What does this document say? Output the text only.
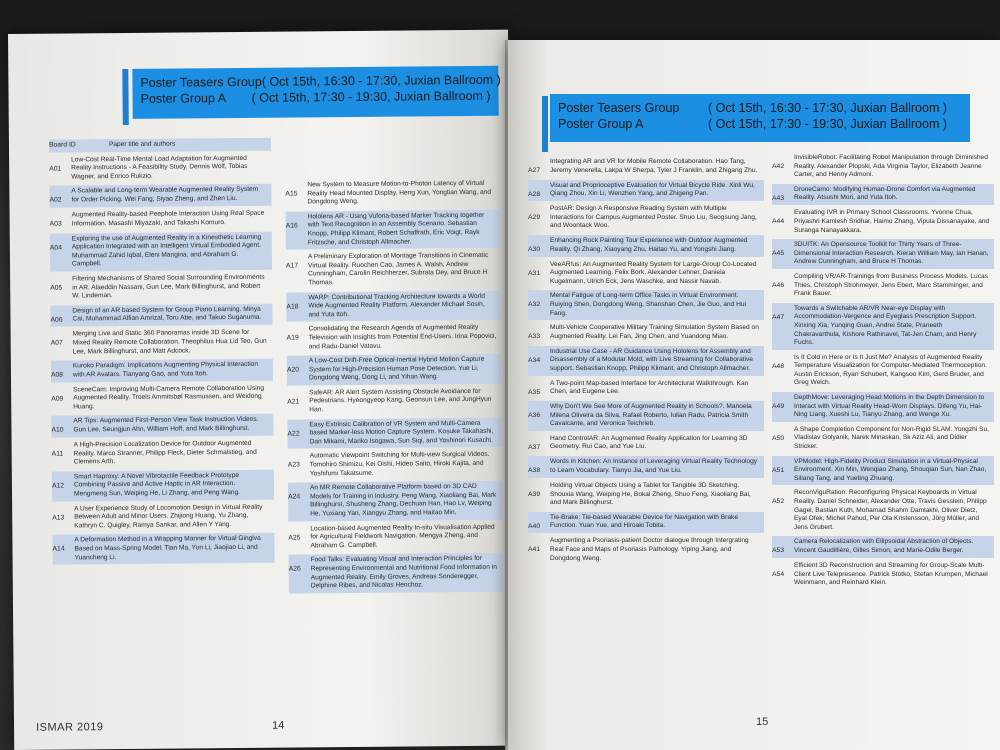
Poster Teasers Group ( Oct 15th, 16:30 - 17:30, Juxian Ballroom )
Poster Group A	( Oct 15th, 17:30 - 19:30, Juxian Ballroom )
Board ID	Paper title and authors
A01
Low-Cost Real-Time Mental Load Adaptation for Augmented Reality Instructions - A Feasibility Study. Dennis Wolf, Tobias Wagner, and Enrico Rukzio.
A02
A Scalable and Long-term Wearable Augmented Reality System for Order Picking. Wei Fang, Siyao Zheng, and Zhen Liu.
A03
Augmented Reality-based Peephole Interaction Using Real Space Information. Masashi Miyazaki, and Takashi Komuro.
A04
Exploring the use of Augmented Reality in a Kinesthetic Learning Application Integrated with an Intelligent Virtual Embodied Agent. Muhammad Zahid Iqbal, Eleni Mangina, and Abraham G. Campbell.
A05
Filtering Mechanisms of Shared Social Surrounding Environments in AR. Alaeddin Nassani, Gun Lee, Mark Billinghurst, and Robert W. Lindeman.
A06
Design of an AR based System for Group Piano Learning. Minya Cai, Muhammad Alfian Amrizal, Toru Abe, and Takuo Suganuma.
A07
Merging Live and Static 360 Panoramas inside 3D Scene for Mixed Reality Remote Collaboration. Theophilus Hua Lid Teo, Gun Lee, Mark Billinghurst, and Matt Adcock.
A08
Kuroko Paradigm: Implications Augmenting Physical Interaction with AR Avatars. Tianyang Gao, and Yuta Itoh.
A09
SceneCam: Improving Multi-Camera Remote Collaboration Using Augmented Reality. Troels Ammitsbøl Rasmussen, and Weidong Huang.
A10
AR Tips: Augmented First-Person View Task Instruction Videos. Gun Lee, Seungjun Ahn, William Hoff, and Mark Billinghurst.
A11
A High-Precision Localization Device for Outdoor Augmented Reality. Marco Stranner, Philipp Fleck, Dieter Schmalstieg, and Clemens Arth.
A12
Smart Haproxy: A Novel Vibrotactile Feedback Prototype Combining Passive and Active Haptic in AR Interaction. Mengmeng Sun, Weiping He, Li Zhang, and Peng Wang.
A13
A User Experience Study of Locomotion Design in Virtual Reality Between Adult and Minor Users. Zhijiong Huang, Yu Zhang, Kathryn C. Quigley, Ramya Sankar, and Allen Y Yang.
A14
A Deformation Method in a Wrapping Manner for Virtual Gingiva Based on Mass-Spring Model. Tian Ma, Yun Li, Jiaojiao Li, and Yuancheng Li.
A15
New System to Measure Motion-to-Photon Latency of Virtual Reality Head Mounted Display. Heng Xun, Yongtian Wang, and Dongdong Weng.
A16
Hololens AR - Using Vuforia-based Marker Tracking together with Text Recognition in an Assembly Scenario. Sebastian Knopp, Philipp Klimant, Robert Schaffrath, Eric Voigt, Rayk Fritzsche, and Christoph Allmacher.
A17
A Preliminary Exploration of Montage Transitions in Cinematic Virtual Reality. Ruochen Cao, James A. Walsh, Andrew Cunningham, Carolin Reichherzer, Subrata Dey, and Bruce H Thomas.
A18
WARP: Contributional Tracking Architecture towards a World Wide Augmented Reality Platform. Alexander Michael Sosin, and Yuta Itoh.
A19
Consolidating the Research Agenda of Augmented Reality Television with Insights from Potential End-Users. Irina Popovici, and Radu-Daniel Vatavu.
A20
A Low-Cost Drift-Free Optical-Inertial Hybrid Motion Capture System for High-Precision Human Pose Detection. Yue Li, Dongdong Weng, Dong Li, and Yihan Wang.
A21
SafeAR: AR Alert System Assisting Obstacle Avoidance for Pedestrians. Hyeongyeop Kang, Geonsun Lee, and JungHyun Han.
A22
Easy Extrinsic Calibration of VR System and Multi-Camera based Marker-less Motion Capture System. Kosuke Takahashi, Dan Mikami, Mariko Isogawa, Sun Siqi, and Yoshinori Kusachi.
A23
Automatic Viewpoint Switching for Multi-view Surgical Videos. Tomohiro Shimizu, Kei Oishi, Hideo Saito, Hiroki Kajita, and Yoshifumi Takatsume.
A24
An MR Remote Collaborative Platform based on 3D CAD Models for Training in Industry. Peng Wang, Xiaoliang Bai, Mark Billinghurst, Shusheng Zhang, Dechuan Han, Hao Lv, Weiping He, Yuxiang Yan, Xiangyu Zhang, and Haitao Min.
A25
Location-based Augmented Reality In-situ Visualisation Applied for Agricultural Fieldwork Navigation. Mengya Zheng, and Abraham G. Campbell.
A26
Food Talks: Evaluating Visual and Interaction Principles for Representing Environmental and Nutritional Food Information in Augmented Reality. Emily Groves, Andreas Sonderegger, Delphine Ribes, and Nicolas Henchoz.
ISMAR 2019	14
Poster Teasers Group	( Oct 15th, 16:30 - 17:30, Juxian Ballroom )
Poster Group A	( Oct 15th, 17:30 - 19:30, Juxian Ballroom )
A27
Integrating AR and VR for Mobile Remote Collaboration. Hao Tang, Jeremy Venerella, Lakpa W Sherpa, Tyler J Franklin, and Zhigang Zhu.
A28
Visual and Proprioceptive Evaluation for Virtual Bicycle Ride. Xinli Wu, Qiang Zhou, Xin Li, Wenzhen Yang, and Zhigeng Pan.
A29
PostAR: Design A Responsive Reading System with Multiple Interactions for Campus Augmented Poster. Shuo Liu, Seogsung Jang, and Woontack Woo.
A30
Enhancing Rock Painting Tour Experience with Outdoor Augmented Reality. Qi Zhang, Xiaoyang Zhu, Haitao Yu, and Yongshi Jiang.
A31
VeeAR!us: An Augmented Reality System for Large-Group Co-Located Augmented Learning. Felix Bork, Alexander Lehner, Daniela Kugelmann, Ulrich Eck, Jens Waschke, and Nassir Navab.
A32
Mental Fatigue of Long-term Office Tasks in Virtual Environment. Ruiying Shen, Dongdong Weng, Shanshan Chen, Jie Guo, and Hui Fang.
A33
Multi-Vehicle Cooperative Military Training Simulation System Based on Augmented Reality. Lei Fan, Jing Chen, and Yuandong Miao.
A34
Industrial Use Case - AR Guidance Using Hololens for Assembly and Disassembly of a Modular Mold, with Live Streaming for Collaborative support. Sebastian Knopp, Philipp Klimant, and Christoph Allmacher.
A35
A Two-point Map-based Interface for Architectural Walkthrough. Kan Chen, and Eugene Lee.
A36
Why Don't We See More of Augmented Reality in Schools?. Manoela Milena Oliveira da Silva, Rafael Roberto, Iulian Radu, Patricia Smith Cavalcante, and Veronica Teichrieb.
A37
Hand ControlAR: An Augmented Reality Application for Learning 3D Geometry. Rui Cao, and Yue Liu.
A38
Words in Kitchen: An Instance of Leveraging Virtual Reality Technology to Learn Vocabulary. Tianyu Jia, and Yue Liu.
A39
Holding Virtual Objects Using a Tablet for Tangible 3D Sketching. Shouxia Wang, Weiping He, Bokai Zheng, Shuo Feng, Xiaoliang Bai, and Mark Billinghurst.
A40
Tie-Brake: Tie-based Wearable Device for Navigation with Brake Function. Yuan Yue, and Hiroaki Tobita.
A41
Augmenting a Psoriasis-patient Doctor dialogue through Intergrating Real Face and Maps of Psoriasis Pathology. Yiping Jiang, and Dongdong Weng.
A42
InvisibleRobot: Facilitating Robot Manipulation through Diminished Reality. Alexander Plopski, Ada Virginia Taylor, Elizabeth Jeanne Carter, and Henny Admoni.
A43
DroneCamo: Modifying Human-Drone Comfort via Augmented Reality. Atsushi Mori, and Yuta Itoh.
A44
Evaluating IVR in Primary School Classrooms. Yvonne Chua, Priyashri Kamlesh Sridhar, Haimo Zhang, Vipula Dissanayake, and Suranga Nanayakkara.
A45
3DUITK: An Opensource Toolkit for Thirty Years of Three-Dimensional Interaction Research. Kieran William May, Ian Hanan, Andrew Cunningham, and Bruce H Thomas.
A46
Compiling VR/AR-Trainings from Business Process Models. Lucas Thies, Christoph Strohmeyer, Jens Ebert, Marc Stamminger, and Frank Bauer.
A47
Towards a Switchable AR/VR Near-eye Display with Accommodation-Vergence and Eyeglass Prescription Support. Xinxing Xia, Yunqing Guan, Andrei State, Praneeth Chakravarthula, Kishore Rathinavel, Tat-Jen Cham, and Henry Fuchs.
A48
Is It Cold in Here or Is It Just Me? Analysis of Augmented Reality Temperature Visualization for Computer-Mediated Thermoception. Austin Erickson, Ryan Schubert, Kangsoo Kim, Gerd Bruder, and Greg Welch.
A49
DepthMove: Leveraging Head Motions in the Depth Dimension to Interact with Virtual Reality Head-Worn Displays. Difeng Yu, Hai-Ning Liang, Xueshi Lu, Tianyu Zhang, and Wenge Xu.
A50
A Shape Completion Component for Non-Rigid SLAM. Yongzhi Su, Vladislav Golyanik, Narek Minaskan, Sk Aziz Ali, and Didier Stricker.
A51
VPModel: High-Fidelity Product Simulation in a Virtual-Physical Environment. Xin Min, Wenqiao Zhang, Shouqian Sun, Nan Zhao, Siliang Tang, and Yueting Zhuang.
A52
ReconViguRation: Reconfiguring Physical Keyboards in Virtual Reality. Daniel Schneider, Alexander Otte, Travis Gesslein, Philipp Gagel, Bastian Kuth, Mohamad Shahm Damlakhi, Oliver Dietz, Eyal Ofek, Michel Pahud, Per Ola Kristensson, Jörg Müller, and Jens Grubert.
A53
Camera Relocalization with Ellipsoidal Abstraction of Objects. Vincent Gaudillière, Gilles Simon, and Marie-Odile Berger.
A54
Efficient 3D Reconstruction and Streaming for Group-Scale Multi-Client Live Telepresence. Patrick Stotko, Stefan Krumpen, Michael Weinmann, and Reinhard Klein.
15
